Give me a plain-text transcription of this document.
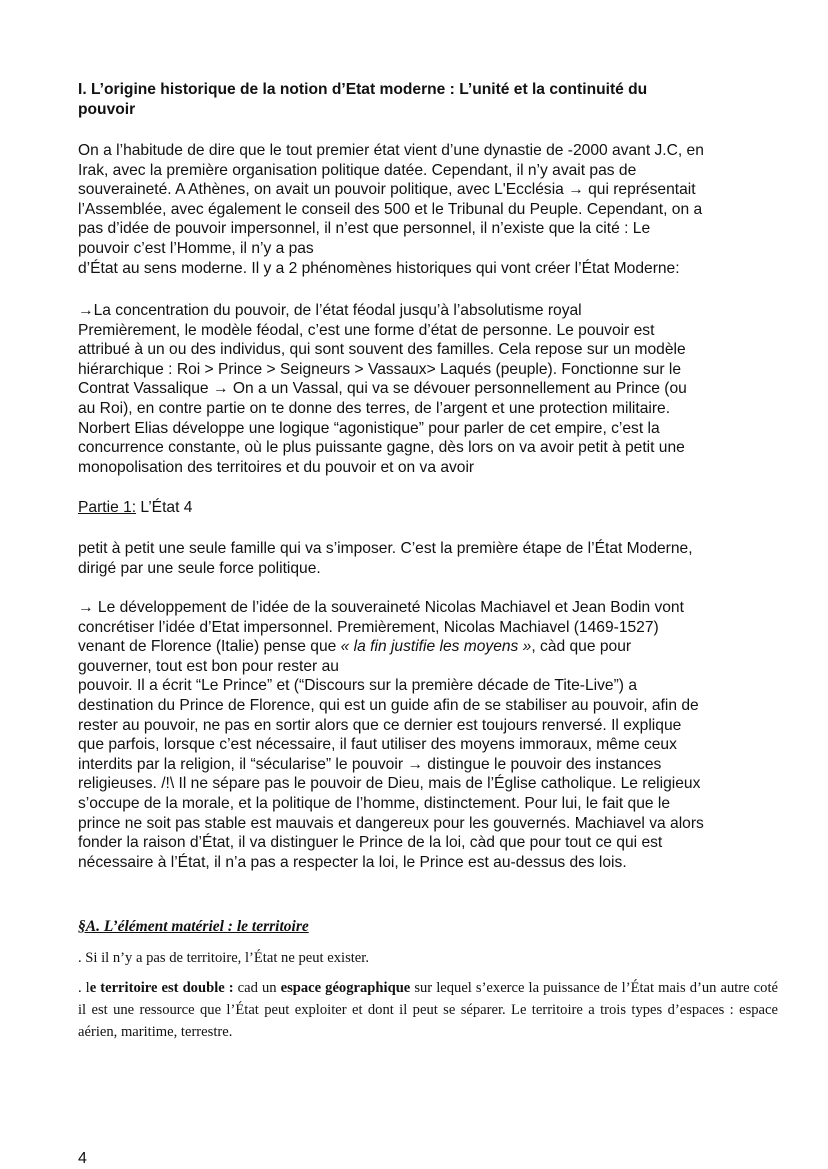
I. L’origine historique de la notion d’Etat moderne : L’unité et la continuité du
pouvoir
On a l’habitude de dire que le tout premier état vient d’une dynastie de -2000 avant J.C, en
Irak, avec la première organisation politique datée. Cependant, il n’y avait pas de
souveraineté. A Athènes, on avait un pouvoir politique, avec L'Ecclésia → qui représentait
l’Assemblée, avec également le conseil des 500 et le Tribunal du Peuple. Cependant, on a
pas d’idée de pouvoir impersonnel, il n’est que personnel, il n’existe que la cité : Le
pouvoir c’est l’Homme, il n’y a pas
d’État au sens moderne. Il y a 2 phénomènes historiques qui vont créer l’État Moderne:
→La concentration du pouvoir, de l’état féodal jusqu’à l’absolutisme royal
Premièrement, le modèle féodal, c’est une forme d’état de personne. Le pouvoir est
attribué à un ou des individus, qui sont souvent des familles. Cela repose sur un modèle
hiérarchique : Roi > Prince > Seigneurs > Vassaux> Laqués (peuple). Fonctionne sur le
Contrat Vassalique → On a un Vassal, qui va se dévouer personnellement au Prince (ou
au Roi), en contre partie on te donne des terres, de l’argent et une protection militaire.
Norbert Elias développe une logique “agonistique” pour parler de cet empire, c’est la
concurrence constante, où le plus puissante gagne, dès lors on va avoir petit à petit une
monopolisation des territoires et du pouvoir et on va avoir
Partie 1: L’État 4
petit à petit une seule famille qui va s’imposer. C’est la première étape de l’État Moderne,
dirigé par une seule force politique.
→ Le développement de l’idée de la souveraineté Nicolas Machiavel et Jean Bodin vont
concrétiser l’idée d’Etat impersonnel. Premièrement, Nicolas Machiavel (1469-1527)
venant de Florence (Italie) pense que « la fin justifie les moyens », càd que pour
gouverner, tout est bon pour rester au
pouvoir. Il a écrit “Le Prince” et (“Discours sur la première décade de Tite-Live”) a
destination du Prince de Florence, qui est un guide afin de se stabiliser au pouvoir, afin de
rester au pouvoir, ne pas en sortir alors que ce dernier est toujours renversé. Il explique
que parfois, lorsque c’est nécessaire, il faut utiliser des moyens immoraux, même ceux
interdits par la religion, il “sécularise” le pouvoir → distingue le pouvoir des instances
religieuses. /!\ Il ne sépare pas le pouvoir de Dieu, mais de l’Église catholique. Le religieux
s’occupe de la morale, et la politique de l’homme, distinctement. Pour lui, le fait que le
prince ne soit pas stable est mauvais et dangereux pour les gouvernés. Machiavel va alors
fonder la raison d’État, il va distinguer le Prince de la loi, càd que pour tout ce qui est
nécessaire à l’État, il n’a pas a respecter la loi, le Prince est au-dessus des lois.
§A. L’élément matériel : le territoire
. Si il n’y a pas de territoire, l’État ne peut exister.
. le territoire est double : cad un espace géographique sur lequel s’exerce la puissance de l’État mais d’un autre coté il est une ressource que l’État peut exploiter et dont il peut se séparer. Le territoire a trois types d’espaces : espace aérien, maritime, terrestre.
4
